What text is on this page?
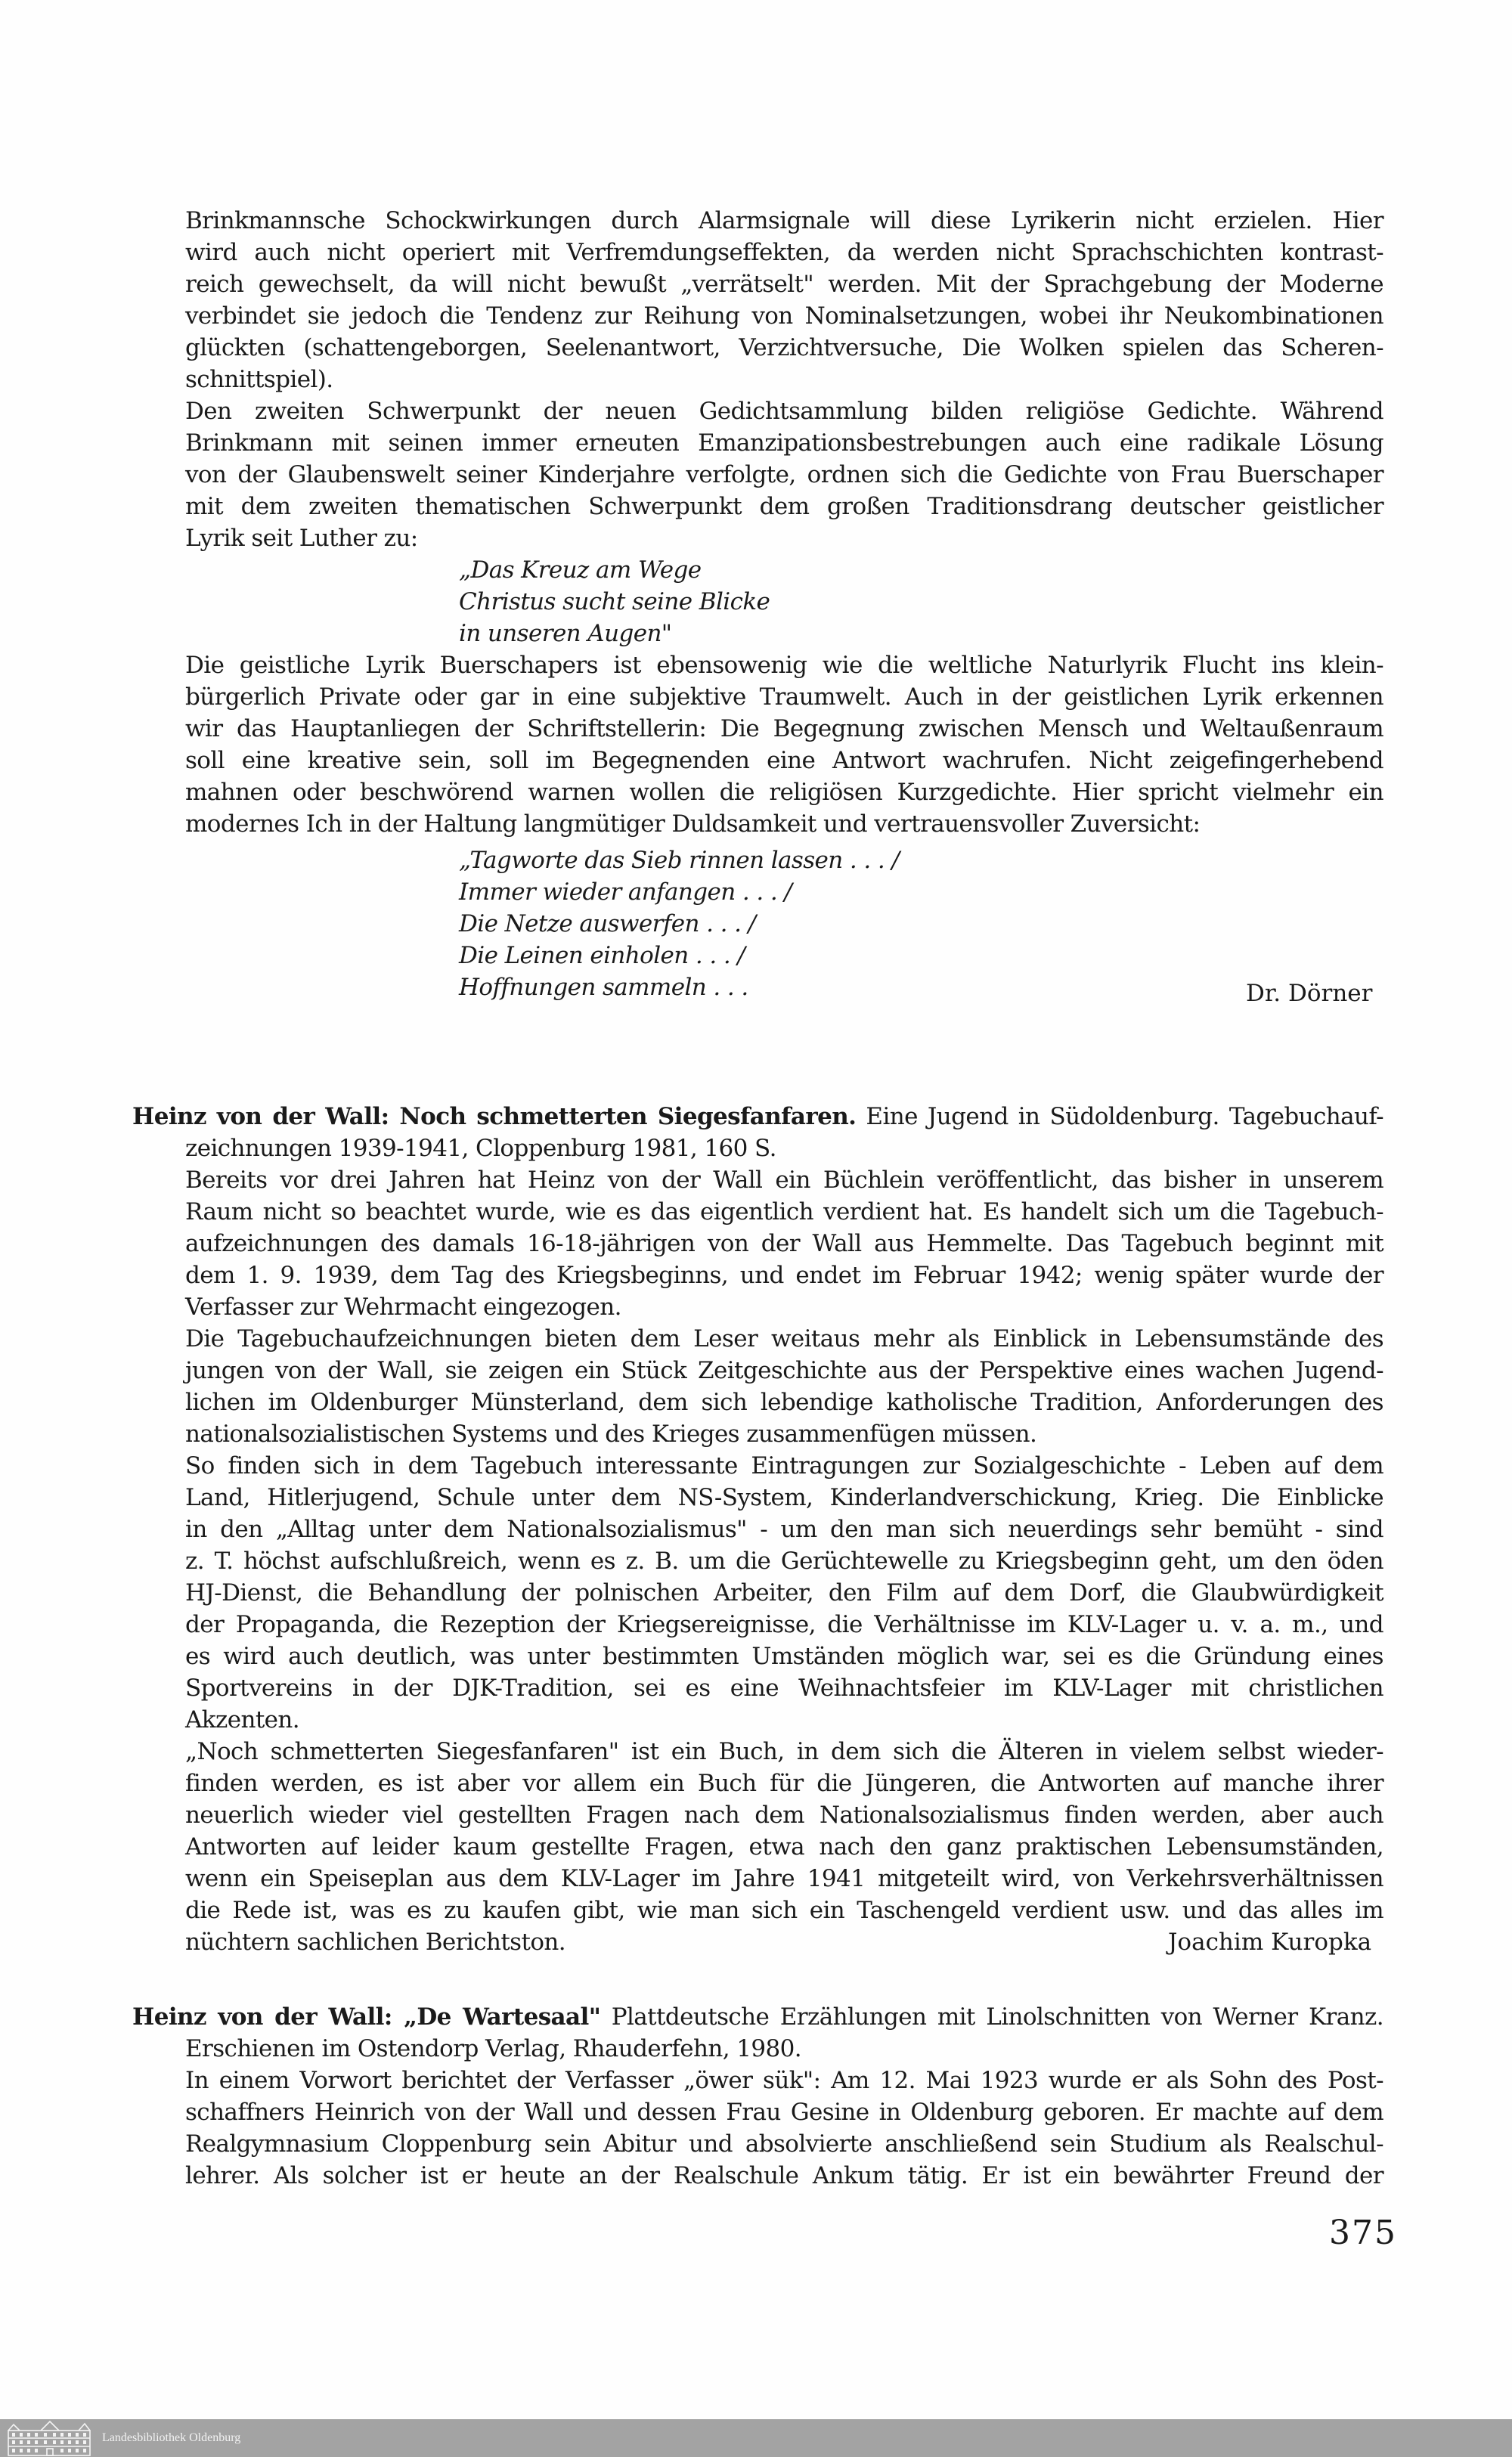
Brinkmannsche Schockwirkungen durch Alarmsignale will diese Lyrikerin nicht erzielen. Hier
wird auch nicht operiert mit Verfremdungseffekten, da werden nicht Sprachschichten kontrast-
reich gewechselt, da will nicht bewußt „verrätselt" werden. Mit der Sprachgebung der Moderne
verbindet sie jedoch die Tendenz zur Reihung von Nominalsetzungen, wobei ihr Neukombinationen
glückten (schattengeborgen, Seelenantwort, Verzichtversuche, Die Wolken spielen das Scheren-
schnittspiel).
Den zweiten Schwerpunkt der neuen Gedichtsammlung bilden religiöse Gedichte. Während
Brinkmann mit seinen immer erneuten Emanzipationsbestrebungen auch eine radikale Lösung
von der Glaubenswelt seiner Kinderjahre verfolgte, ordnen sich die Gedichte von Frau Buerschaper
mit dem zweiten thematischen Schwerpunkt dem großen Traditionsdrang deutscher geistlicher
Lyrik seit Luther zu:
„Das Kreuz am Wege
Christus sucht seine Blicke
in unseren Augen"
Die geistliche Lyrik Buerschapers ist ebensowenig wie die weltliche Naturlyrik Flucht ins klein-
bürgerlich Private oder gar in eine subjektive Traumwelt. Auch in der geistlichen Lyrik erkennen
wir das Hauptanliegen der Schriftstellerin: Die Begegnung zwischen Mensch und Weltaußenraum
soll eine kreative sein, soll im Begegnenden eine Antwort wachrufen. Nicht zeigefingerhebend
mahnen oder beschwörend warnen wollen die religiösen Kurzgedichte. Hier spricht vielmehr ein
modernes Ich in der Haltung langmütiger Duldsamkeit und vertrauensvoller Zuversicht:
„Tagworte das Sieb rinnen lassen . . . /
Immer wieder anfangen . . . /
Die Netze auswerfen . . . /
Die Leinen einholen . . . /
Hoffnungen sammeln . . .	Dr. Dörner
Heinz von der Wall: Noch schmetterten Siegesfanfaren. Eine Jugend in Südoldenburg. Tagebuchauf-
zeichnungen 1939-1941, Cloppenburg 1981, 160 S.
Bereits vor drei Jahren hat Heinz von der Wall ein Büchlein veröffentlicht, das bisher in unserem
Raum nicht so beachtet wurde, wie es das eigentlich verdient hat. Es handelt sich um die Tagebuch-
aufzeichnungen des damals 16-18-jährigen von der Wall aus Hemmelte. Das Tagebuch beginnt mit
dem 1. 9. 1939, dem Tag des Kriegsbeginns, und endet im Februar 1942; wenig später wurde der
Verfasser zur Wehrmacht eingezogen.
Die Tagebuchaufzeichnungen bieten dem Leser weitaus mehr als Einblick in Lebensumstände des
jungen von der Wall, sie zeigen ein Stück Zeitgeschichte aus der Perspektive eines wachen Jugend-
lichen im Oldenburger Münsterland, dem sich lebendige katholische Tradition, Anforderungen des
nationalsozialistischen Systems und des Krieges zusammenfügen müssen.
So finden sich in dem Tagebuch interessante Eintragungen zur Sozialgeschichte - Leben auf dem
Land, Hitlerjugend, Schule unter dem NS-System, Kinderlandverschickung, Krieg. Die Einblicke
in den „Alltag unter dem Nationalsozialismus" - um den man sich neuerdings sehr bemüht - sind
z. T. höchst aufschlußreich, wenn es z. B. um die Gerüchtewelle zu Kriegsbeginn geht, um den öden
HJ-Dienst, die Behandlung der polnischen Arbeiter, den Film auf dem Dorf, die Glaubwürdigkeit
der Propaganda, die Rezeption der Kriegsereignisse, die Verhältnisse im KLV-Lager u. v. a. m., und
es wird auch deutlich, was unter bestimmten Umständen möglich war, sei es die Gründung eines
Sportvereins in der DJK-Tradition, sei es eine Weihnachtsfeier im KLV-Lager mit christlichen
Akzenten.
„Noch schmetterten Siegesfanfaren" ist ein Buch, in dem sich die Älteren in vielem selbst wieder-
finden werden, es ist aber vor allem ein Buch für die Jüngeren, die Antworten auf manche ihrer
neuerlich wieder viel gestellten Fragen nach dem Nationalsozialismus finden werden, aber auch
Antworten auf leider kaum gestellte Fragen, etwa nach den ganz praktischen Lebensumständen,
wenn ein Speiseplan aus dem KLV-Lager im Jahre 1941 mitgeteilt wird, von Verkehrsverhältnissen
die Rede ist, was es zu kaufen gibt, wie man sich ein Taschengeld verdient usw. und das alles im
nüchtern sachlichen Berichtston.	Joachim Kuropka
Heinz von der Wall: „De Wartesaal" Plattdeutsche Erzählungen mit Linolschnitten von Werner Kranz.
Erschienen im Ostendorp Verlag, Rhauderfehn, 1980.
In einem Vorwort berichtet der Verfasser „öwer sük": Am 12. Mai 1923 wurde er als Sohn des Post-
schaffners Heinrich von der Wall und dessen Frau Gesine in Oldenburg geboren. Er machte auf dem
Realgymnasium Cloppenburg sein Abitur und absolvierte anschließend sein Studium als Realschul-
lehrer. Als solcher ist er heute an der Realschule Ankum tätig. Er ist ein bewährter Freund der
375
Landesbibliothek Oldenburg
